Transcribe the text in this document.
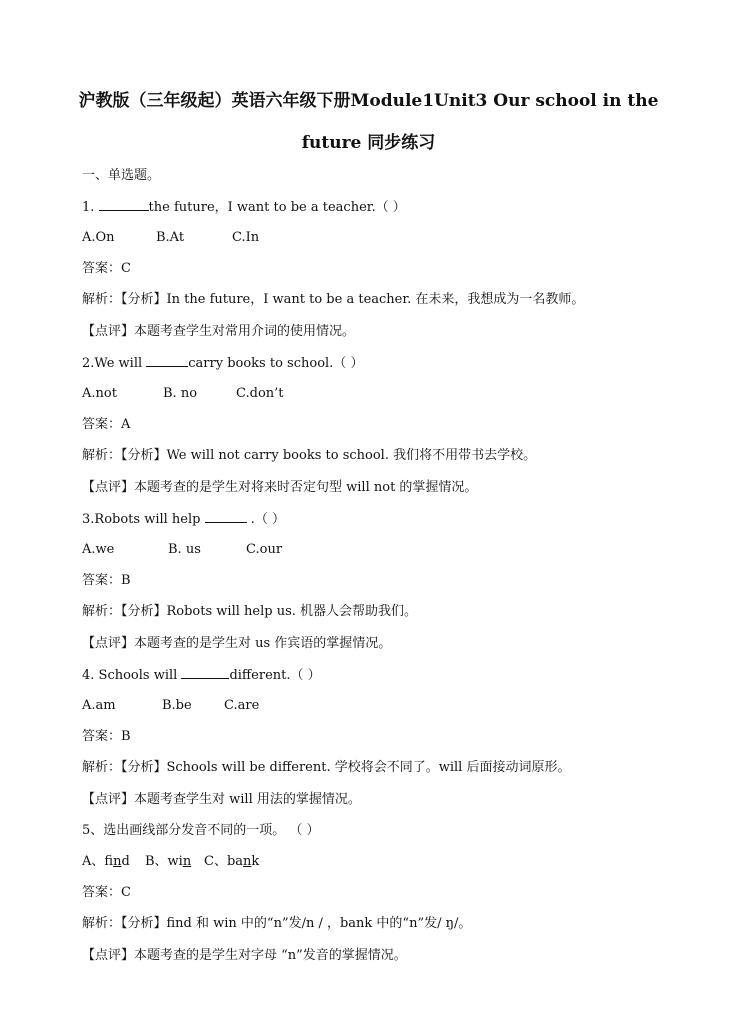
沪教版（三年级起）英语六年级下册Module1Unit3 Our school in the
future 同步练习
一、单选题。
1.	the future，I want to be a teacher.（ ）
A.On	B.At	C.In
答案：C
解析：【分析】In the future，I want to be a teacher. 在未来，我想成为一名教师。
【点评】本题考查学生对常用介词的使用情况。
2.We will	carry books to school.（ ）
A.not	B. no	C.don’t
答案：A
解析：【分析】We will not carry books to school. 我们将不用带书去学校。
【点评】本题考查的是学生对将来时否定句型 will not 的掌握情况。
3.Robots will help	.（ ）
A.we	B. us	C.our
答案：B
解析：【分析】Robots will help us. 机器人会帮助我们。
【点评】本题考查的是学生对 us 作宾语的掌握情况。
4. Schools will	different.（ ）
A.am	B.be C.are
答案：B
解析：【分析】Schools will be different. 学校将会不同了。will 后面接动词原形。
【点评】本题考查学生对 will 用法的掌握情况。
5、选出画线部分发音不同的一项。 （ ）
A、find B、win C、bank
答案：C
解析：【分析】find 和 win 中的“n”发/n / ，bank 中的“n”发/ ŋ/。
【点评】本题考查的是学生对字母 “n”发音的掌握情况。
